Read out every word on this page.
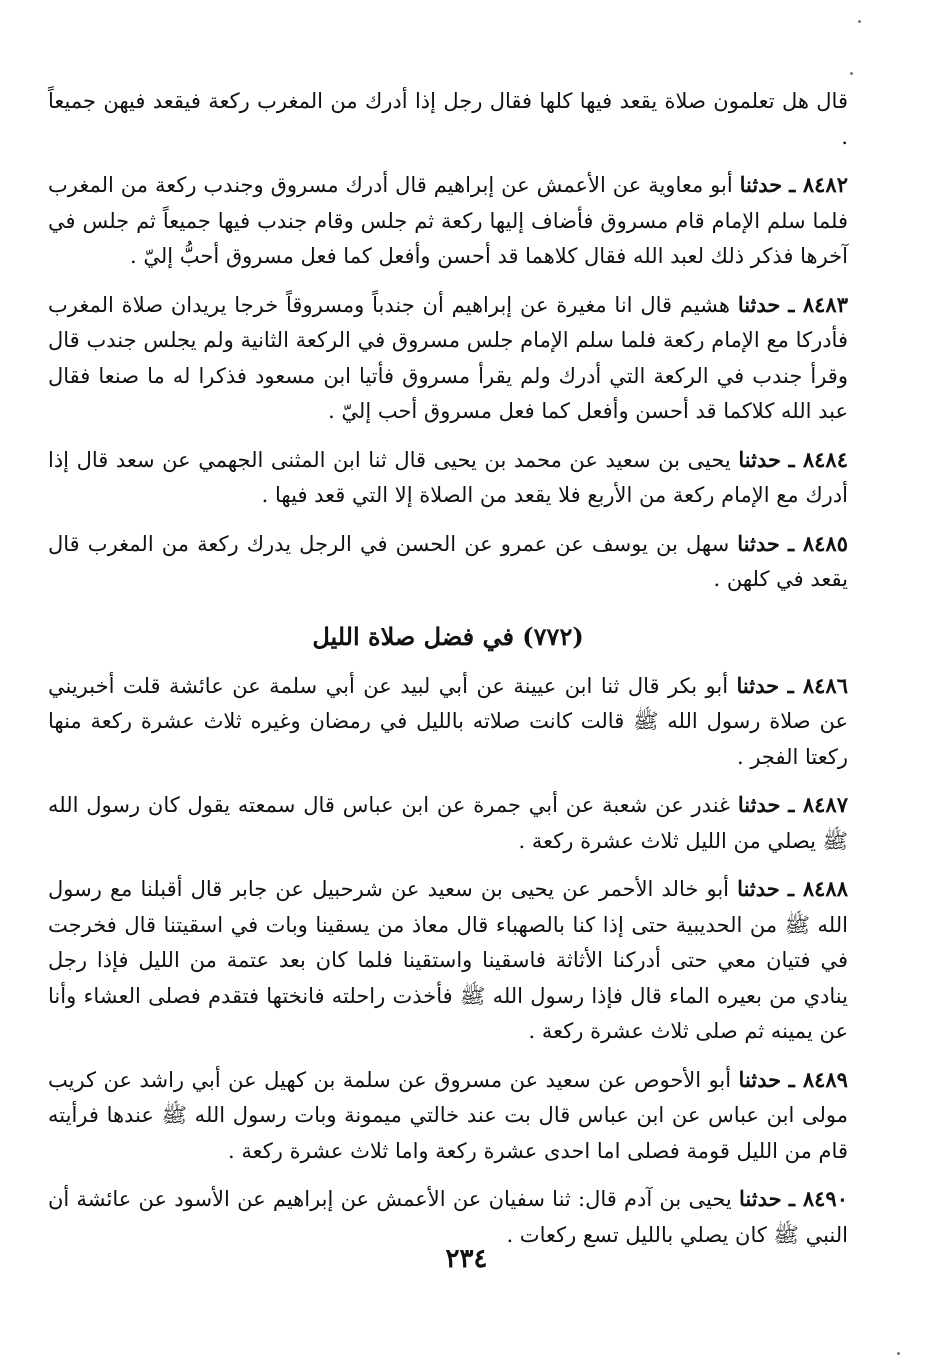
قال هل تعلمون صلاة يقعد فيها كلها فقال رجل إذا أدرك من المغرب ركعة فيقعد فيهن جميعاً .

٨٤٨٢ ـ حدثنا أبو معاوية عن الأعمش عن إبراهيم قال أدرك مسروق وجندب ركعة من المغرب فلما سلم الإمام قام مسروق فأضاف إليها ركعة ثم جلس وقام جندب فيها جميعاً ثم جلس في آخرها فذكر ذلك لعبد الله فقال كلاهما قد أحسن وأفعل كما فعل مسروق أحبُّ إليّ .

٨٤٨٣ ـ حدثنا هشيم قال انا مغيرة عن إبراهيم أن جندباً ومسروقاً خرجا يريدان صلاة المغرب فأدركا مع الإمام ركعة فلما سلم الإمام جلس مسروق في الركعة الثانية ولم يجلس جندب قال وقرأ جندب في الركعة التي أدرك ولم يقرأ مسروق فأتيا ابن مسعود فذكرا له ما صنعا فقال عبد الله كلاكما قد أحسن وأفعل كما فعل مسروق أحب إليّ .

٨٤٨٤ ـ حدثنا يحيى بن سعيد عن محمد بن يحيى قال ثنا ابن المثنى الجهمي عن سعد قال إذا أدرك مع الإمام ركعة من الأربع فلا يقعد من الصلاة إلا التي قعد فيها .

٨٤٨٥ ـ حدثنا سهل بن يوسف عن عمرو عن الحسن في الرجل يدرك ركعة من المغرب قال يقعد في كلهن .

(٧٧٢) في فضل صلاة الليل

٨٤٨٦ ـ حدثنا أبو بكر قال ثنا ابن عيينة عن أبي لبيد عن أبي سلمة عن عائشة قلت أخبريني عن صلاة رسول الله ﷺ قالت كانت صلاته بالليل في رمضان وغيره ثلاث عشرة ركعة منها ركعتا الفجر .

٨٤٨٧ ـ حدثنا غندر عن شعبة عن أبي جمرة عن ابن عباس قال سمعته يقول كان رسول الله ﷺ يصلي من الليل ثلاث عشرة ركعة .

٨٤٨٨ ـ حدثنا أبو خالد الأحمر عن يحيى بن سعيد عن شرحبيل عن جابر قال أقبلنا مع رسول الله ﷺ من الحديبية حتى إذا كنا بالصهباء قال معاذ من يسقينا وبات في اسقيتنا قال فخرجت في فتيان معي حتى أدركنا الأثاثة فاسقينا واستقينا فلما كان بعد عتمة من الليل فإذا رجل ينادي من بعيره الماء قال فإذا رسول الله ﷺ فأخذت راحلته فانختها فتقدم فصلى العشاء وأنا عن يمينه ثم صلى ثلاث عشرة ركعة .

٨٤٨٩ ـ حدثنا أبو الأحوص عن سعيد عن مسروق عن سلمة بن كهيل عن أبي راشد عن كريب مولى ابن عباس عن ابن عباس قال بت عند خالتي ميمونة وبات رسول الله ﷺ عندها فرأيته قام من الليل قومة فصلى اما احدى عشرة ركعة واما ثلاث عشرة ركعة .

٨٤٩٠ ـ حدثنا يحيى بن آدم قال: ثنا سفيان عن الأعمش عن إبراهيم عن الأسود عن عائشة أن النبي ﷺ كان يصلي بالليل تسع ركعات .

٢٣٤
